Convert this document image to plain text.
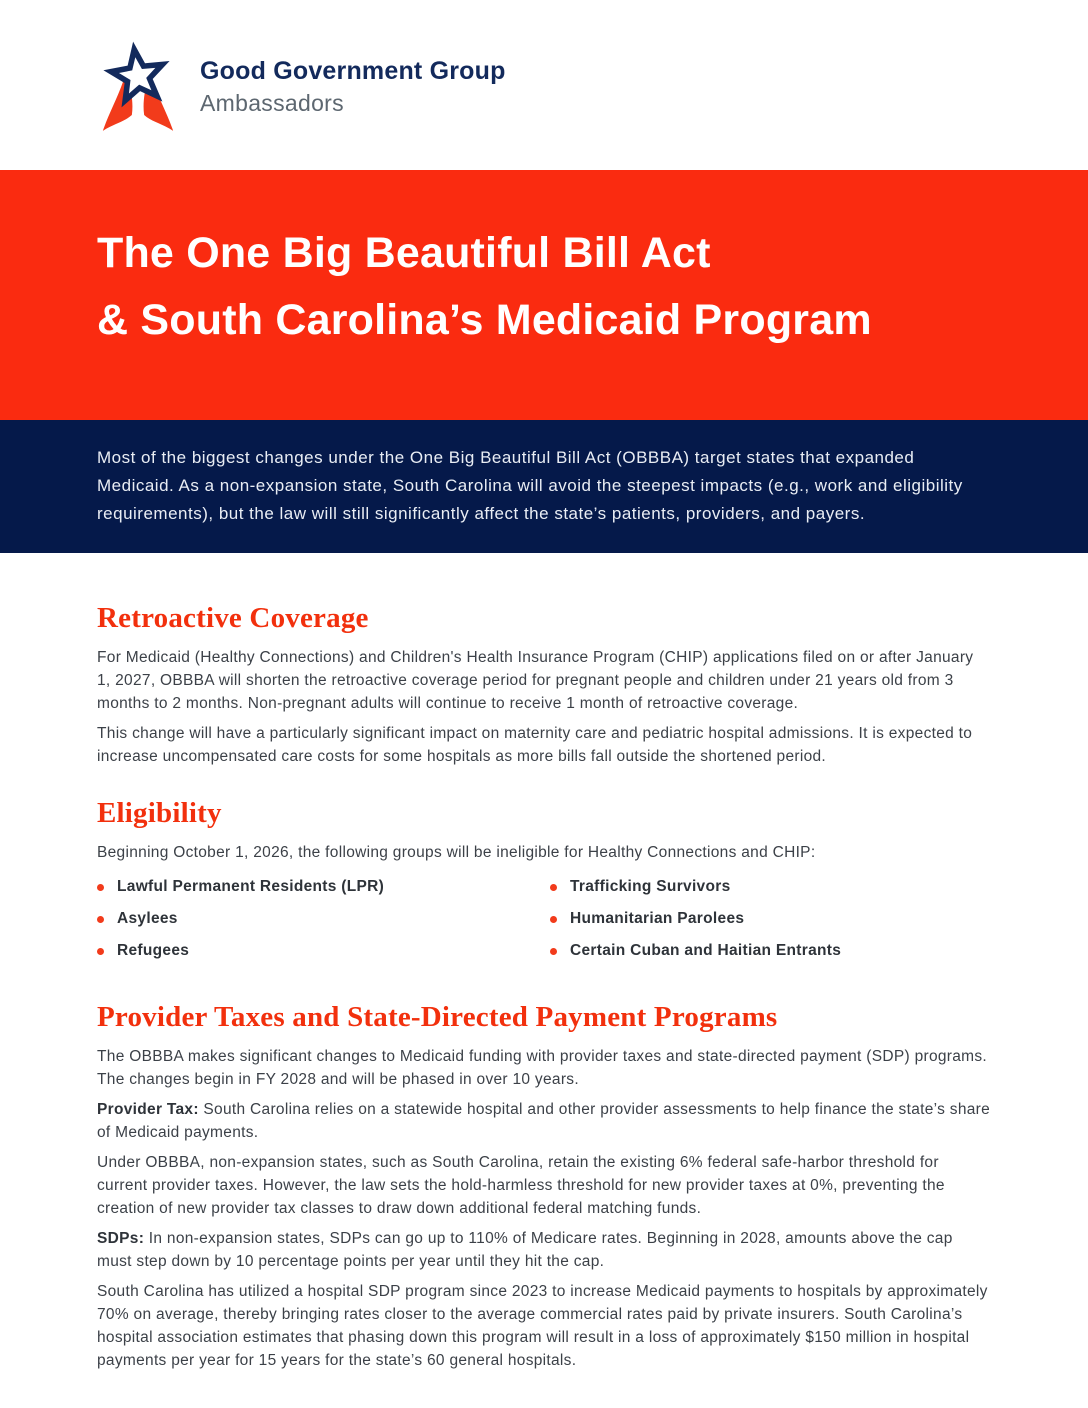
Good Government Group
Ambassadors
The One Big Beautiful Bill Act
& South Carolina’s Medicaid Program

Most of the biggest changes under the One Big Beautiful Bill Act (OBBBA) target states that expanded Medicaid. As a non-expansion state, South Carolina will avoid the steepest impacts (e.g., work and eligibility requirements), but the law will still significantly affect the state’s patients, providers, and payers.

Retroactive Coverage

For Medicaid (Healthy Connections) and Children's Health Insurance Program (CHIP) applications filed on or after January 1, 2027, OBBBA will shorten the retroactive coverage period for pregnant people and children under 21 years old from 3 months to 2 months. Non-pregnant adults will continue to receive 1 month of retroactive coverage.

This change will have a particularly significant impact on maternity care and pediatric hospital admissions. It is expected to increase uncompensated care costs for some hospitals as more bills fall outside the shortened period.

Eligibility

Beginning October 1, 2026, the following groups will be ineligible for Healthy Connections and CHIP:

Lawful Permanent Residents (LPR)
Asylees
Refugees
Trafficking Survivors
Humanitarian Parolees
Certain Cuban and Haitian Entrants
Provider Taxes and State-Directed Payment Programs

The OBBBA makes significant changes to Medicaid funding with provider taxes and state-directed payment (SDP) programs. The changes begin in FY 2028 and will be phased in over 10 years.

Provider Tax: South Carolina relies on a statewide hospital and other provider assessments to help finance the state’s share of Medicaid payments.

Under OBBBA, non-expansion states, such as South Carolina, retain the existing 6% federal safe-harbor threshold for current provider taxes. However, the law sets the hold-harmless threshold for new provider taxes at 0%, preventing the creation of new provider tax classes to draw down additional federal matching funds.

SDPs: In non-expansion states, SDPs can go up to 110% of Medicare rates. Beginning in 2028, amounts above the cap must step down by 10 percentage points per year until they hit the cap.

South Carolina has utilized a hospital SDP program since 2023 to increase Medicaid payments to hospitals by approximately 70% on average, thereby bringing rates closer to the average commercial rates paid by private insurers. South Carolina’s hospital association estimates that phasing down this program will result in a loss of approximately $150 million in hospital payments per year for 15 years for the state’s 60 general hospitals.
